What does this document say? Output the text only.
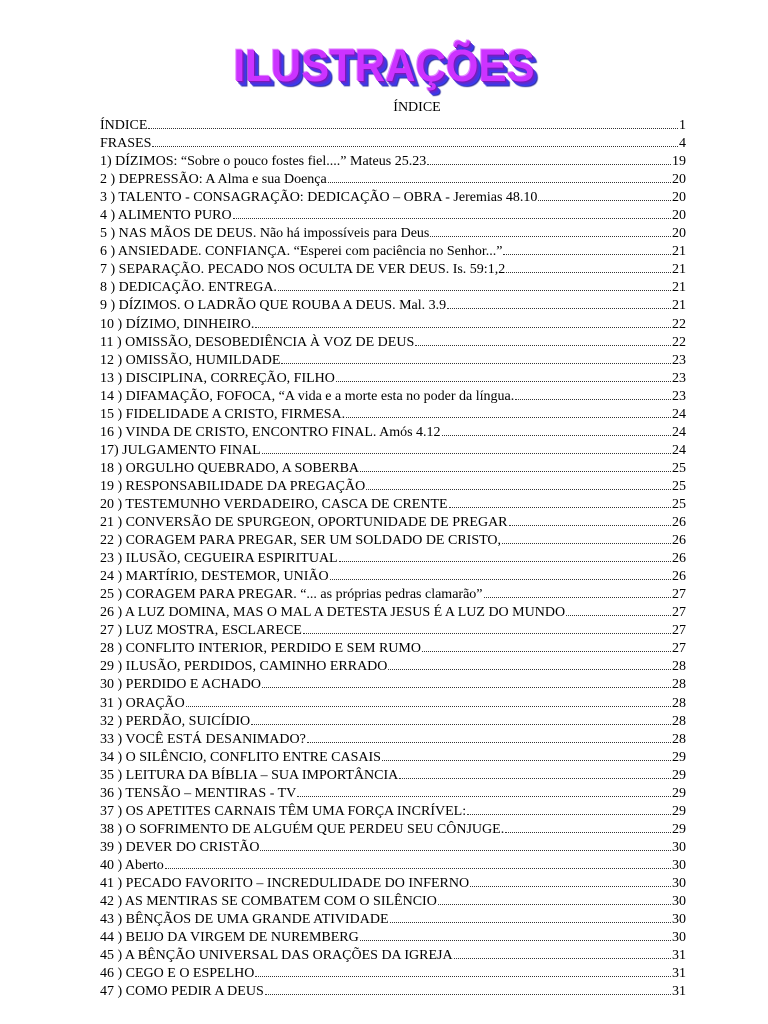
ILUSTRAÇÕES
ÍNDICE
ÍNDICE	1
FRASES	4
1) DÍZIMOS: “Sobre o pouco fostes fiel....” Mateus 25.23	19
2 ) DEPRESSÃO: A Alma e sua Doença	20
3 ) TALENTO - CONSAGRAÇÃO: DEDICAÇÃO – OBRA - Jeremias 48.10	20
4 ) ALIMENTO PURO	20
5 ) NAS MÃOS DE DEUS. Não há impossíveis para Deus	20
6 ) ANSIEDADE. CONFIANÇA. “Esperei com paciência no Senhor...”	21
7 ) SEPARAÇÃO. PECADO NOS OCULTA DE VER DEUS. Is. 59:1,2	21
8 ) DEDICAÇÃO. ENTREGA.	21
9 ) DÍZIMOS. O LADRÃO QUE ROUBA A DEUS. Mal. 3.9	21
10 ) DÍZIMO, DINHEIRO.	22
11 ) OMISSÃO, DESOBEDIÊNCIA À VOZ DE DEUS	22
12 ) OMISSÃO, HUMILDADE	23
13 ) DISCIPLINA, CORREÇÃO, FILHO	23
14 ) DIFAMAÇÃO, FOFOCA, “A vida e a morte esta no poder da língua.	23
15 ) FIDELIDADE A CRISTO, FIRMESA.	24
16 ) VINDA DE CRISTO, ENCONTRO FINAL. Amós 4.12	24
17) JULGAMENTO FINAL	24
18 ) ORGULHO QUEBRADO, A SOBERBA	25
19 ) RESPONSABILIDADE DA PREGAÇÃO	25
20 ) TESTEMUNHO VERDADEIRO, CASCA DE CRENTE	25
21 ) CONVERSÃO DE SPURGEON, OPORTUNIDADE DE PREGAR	26
22 ) CORAGEM PARA PREGAR, SER UM SOLDADO DE CRISTO,	26
23 ) ILUSÃO, CEGUEIRA ESPIRITUAL	26
24 ) MARTÍRIO, DESTEMOR, UNIÃO	26
25 ) CORAGEM PARA PREGAR. “... as próprias pedras clamarão”	27
26 ) A LUZ DOMINA, MAS O MAL A DETESTA JESUS É A LUZ DO MUNDO	27
27 ) LUZ MOSTRA, ESCLARECE	27
28 ) CONFLITO INTERIOR, PERDIDO E SEM RUMO	27
29 ) ILUSÃO, PERDIDOS, CAMINHO ERRADO	28
30 ) PERDIDO E ACHADO	28
31 ) ORAÇÃO	28
32 ) PERDÃO, SUICÍDIO	28
33 ) VOCÊ ESTÁ DESANIMADO?	28
34 ) O SILÊNCIO, CONFLITO ENTRE CASAIS	29
35 ) LEITURA DA BÍBLIA – SUA IMPORTÂNCIA	29
36 ) TENSÃO – MENTIRAS - TV	29
37 ) OS APETITES CARNAIS TÊM UMA FORÇA INCRÍVEL:	29
38 ) O SOFRIMENTO DE ALGUÉM QUE PERDEU SEU CÔNJUGE.	29
39 ) DEVER DO CRISTÃO	30
40 ) Aberto	30
41 ) PECADO FAVORITO – INCREDULIDADE DO INFERNO	30
42 ) AS MENTIRAS SE COMBATEM COM O SILÊNCIO	30
43 ) BÊNÇÃOS DE UMA GRANDE ATIVIDADE	30
44 ) BEIJO DA VIRGEM DE NUREMBERG	30
45 ) A BÊNÇÃO UNIVERSAL DAS ORAÇÕES DA IGREJA	31
46 ) CEGO E O ESPELHO	31
47 ) COMO PEDIR A DEUS	31
